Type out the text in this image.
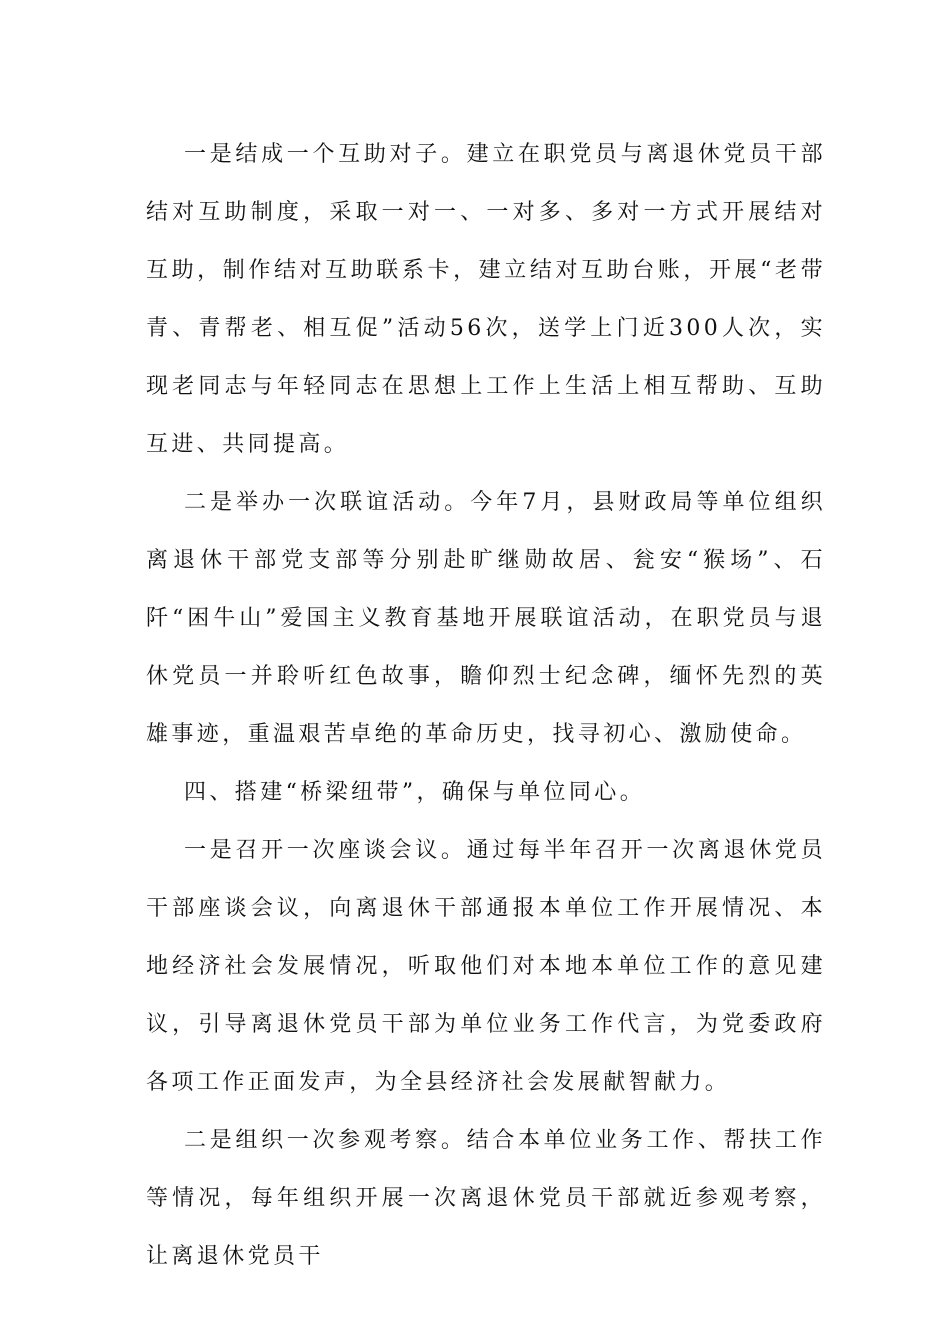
一是结成一个互助对子。建立在职党员与离退休党员干部结对互助制度，采取一对一、一对多、多对一方式开展结对互助，制作结对互助联系卡，建立结对互助台账，开展“老带青、青帮老、相互促”活动56次，送学上门近300人次，实现老同志与年轻同志在思想上工作上生活上相互帮助、互助互进、共同提高。

二是举办一次联谊活动。今年7月，县财政局等单位组织离退休干部党支部等分别赴旷继勋故居、瓮安“猴场”、石阡“困牛山”爱国主义教育基地开展联谊活动，在职党员与退休党员一并聆听红色故事，瞻仰烈士纪念碑，缅怀先烈的英雄事迹，重温艰苦卓绝的革命历史，找寻初心、激励使命。

四、搭建“桥梁纽带”，确保与单位同心。

一是召开一次座谈会议。通过每半年召开一次离退休党员干部座谈会议，向离退休干部通报本单位工作开展情况、本地经济社会发展情况，听取他们对本地本单位工作的意见建议，引导离退休党员干部为单位业务工作代言，为党委政府各项工作正面发声，为全县经济社会发展献智献力。

二是组织一次参观考察。结合本单位业务工作、帮扶工作等情况，每年组织开展一次离退休党员干部就近参观考察，让离退休党员干
